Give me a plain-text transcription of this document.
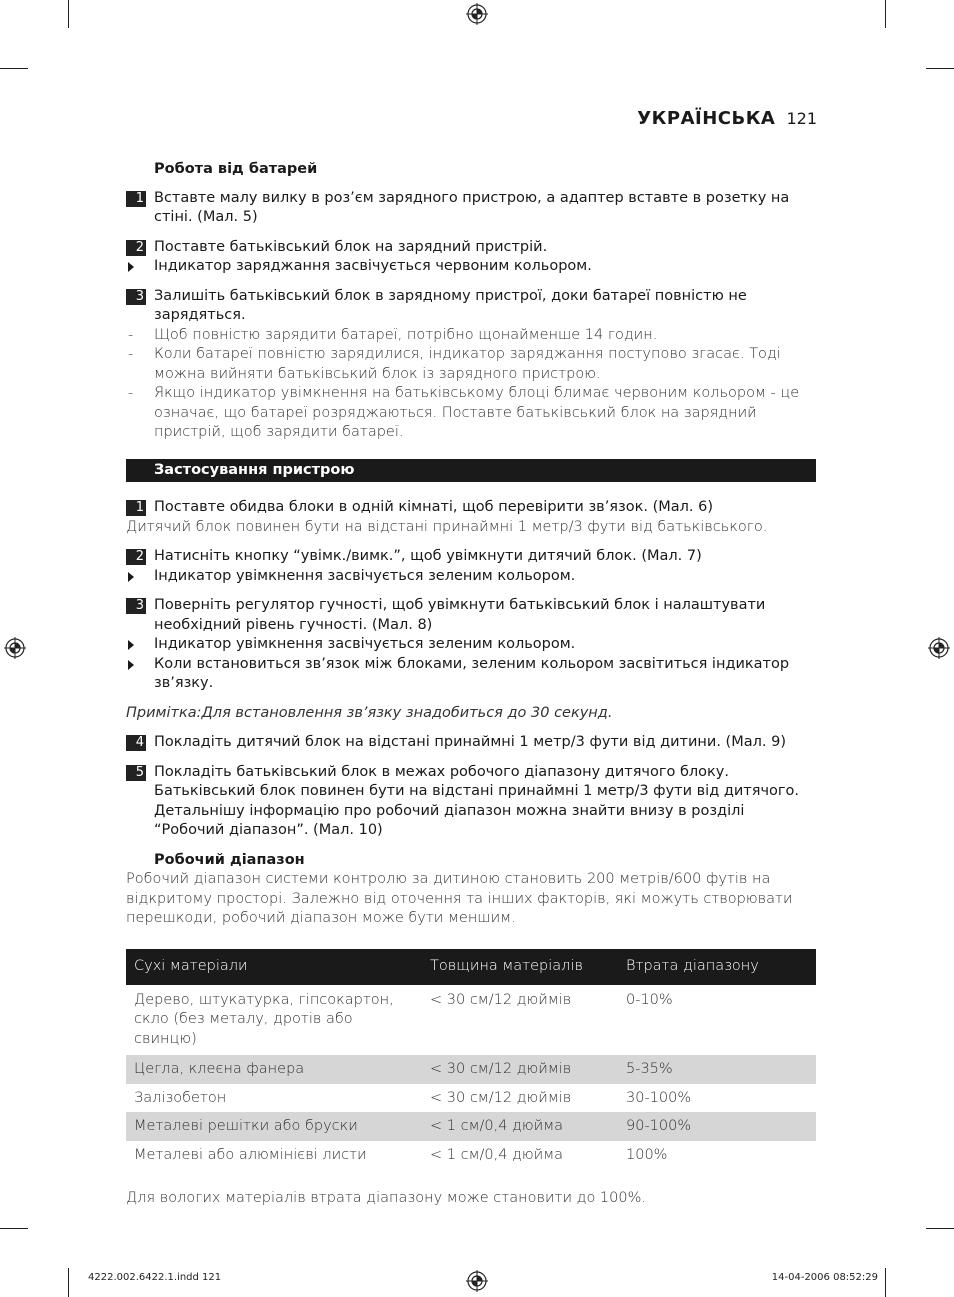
УКРАЇНСЬКА 121
Робота від батарей
1 Вставте малу вилку в роз’єм зарядного пристрою, а адаптер вставте в розетку на стіні. (Мал. 5)
2 Поставте батьківський блок на зарядний пристрій.
Індикатор заряджання засвічується червоним кольором.
3 Залишіть батьківський блок в зарядному пристрої, доки батареї повністю не зарядяться.
- Щоб повністю зарядити батареї, потрібно щонайменше 14 годин.
- Коли батареї повністю зарядилися, індикатор заряджання поступово згасає. Тоді можна вийняти батьківський блок із зарядного пристрою.
- Якщо індикатор увімкнення на батьківському блоці блимає червоним кольором - це означає, що батареї розряджаються. Поставте батьківський блок на зарядний пристрій, щоб зарядити батареї.
Застосування пристрою
1 Поставте обидва блоки в одній кімнаті, щоб перевірити зв’язок. (Мал. 6)
Дитячий блок повинен бути на відстані принаймні 1 метр/3 фути від батьківського.
2 Натисніть кнопку “увімк./вимк.”, щоб увімкнути дитячий блок. (Мал. 7)
Індикатор увімкнення засвічується зеленим кольором.
3 Поверніть регулятор гучності, щоб увімкнути батьківський блок і налаштувати необхідний рівень гучності. (Мал. 8)
Індикатор увімкнення засвічується зеленим кольором.
Коли встановиться зв’язок між блоками, зеленим кольором засвітиться індикатор зв’язку.
Примітка:Для встановлення зв’язку знадобиться до 30 секунд.
4 Покладіть дитячий блок на відстані принаймні 1 метр/3 фути від дитини. (Мал. 9)
5 Покладіть батьківський блок в межах робочого діапазону дитячого блоку. Батьківський блок повинен бути на відстані принаймні 1 метр/3 фути від дитячого. Детальнішу інформацію про робочий діапазон можна знайти внизу в розділі “Робочий діапазон”. (Мал. 10)
Робочий діапазон
Робочий діапазон системи контролю за дитиною становить 200 метрів/600 футів на відкритому просторі. Залежно від оточення та інших факторів, які можуть створювати перешкоди, робочий діапазон може бути меншим.
Сухі матеріали	Товщина матеріалів	Втрата діапазону
Дерево, штукатурка, гіпсокартон, скло (без металу, дротів або свинцю)	< 30 см/12 дюймів	0-10%
Цегла, клеєна фанера	< 30 см/12 дюймів	5-35%
Залізобетон	< 30 см/12 дюймів	30-100%
Металеві решітки або бруски	< 1 см/0,4 дюйма	90-100%
Металеві або алюмінієві листи	< 1 см/0,4 дюйма	100%
Для вологих матеріалів втрата діапазону може становити до 100%.
4222.002.6422.1.indd 121	14-04-2006 08:52:29
